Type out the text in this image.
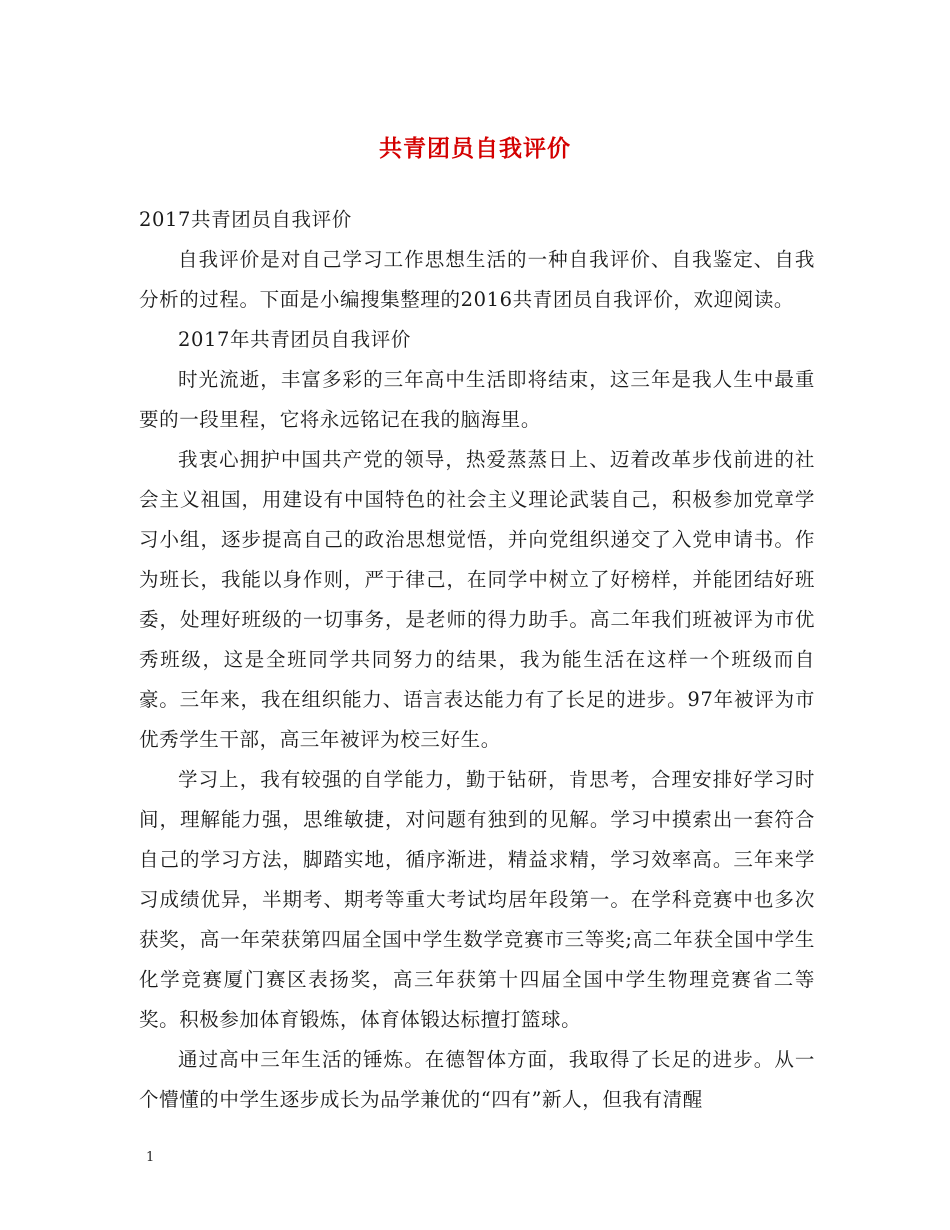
共青团员自我评价

2017共青团员自我评价

自我评价是对自己学习工作思想生活的一种自我评价、自我鉴定、自我分析的过程。下面是小编搜集整理的2016共青团员自我评价，欢迎阅读。

2017年共青团员自我评价

时光流逝，丰富多彩的三年高中生活即将结束，这三年是我人生中最重要的一段里程，它将永远铭记在我的脑海里。

我衷心拥护中国共产党的领导，热爱蒸蒸日上、迈着改革步伐前进的社会主义祖国，用建设有中国特色的社会主义理论武装自己，积极参加党章学习小组，逐步提高自己的政治思想觉悟，并向党组织递交了入党申请书。作为班长，我能以身作则，严于律己，在同学中树立了好榜样，并能团结好班委，处理好班级的一切事务，是老师的得力助手。高二年我们班被评为市优秀班级，这是全班同学共同努力的结果，我为能生活在这样一个班级而自豪。三年来，我在组织能力、语言表达能力有了长足的进步。97年被评为市优秀学生干部，高三年被评为校三好生。

学习上，我有较强的自学能力，勤于钻研，肯思考，合理安排好学习时间，理解能力强，思维敏捷，对问题有独到的见解。学习中摸索出一套符合自己的学习方法，脚踏实地，循序渐进，精益求精，学习效率高。三年来学习成绩优异，半期考、期考等重大考试均居年段第一。在学科竞赛中也多次获奖，高一年荣获第四届全国中学生数学竞赛市三等奖;高二年获全国中学生化学竞赛厦门赛区表扬奖，高三年获第十四届全国中学生物理竞赛省二等奖。积极参加体育锻炼，体育体锻达标擅打篮球。

通过高中三年生活的锤炼。在德智体方面，我取得了长足的进步。从一个懵懂的中学生逐步成长为品学兼优的“四有”新人，但我有清醒

1
